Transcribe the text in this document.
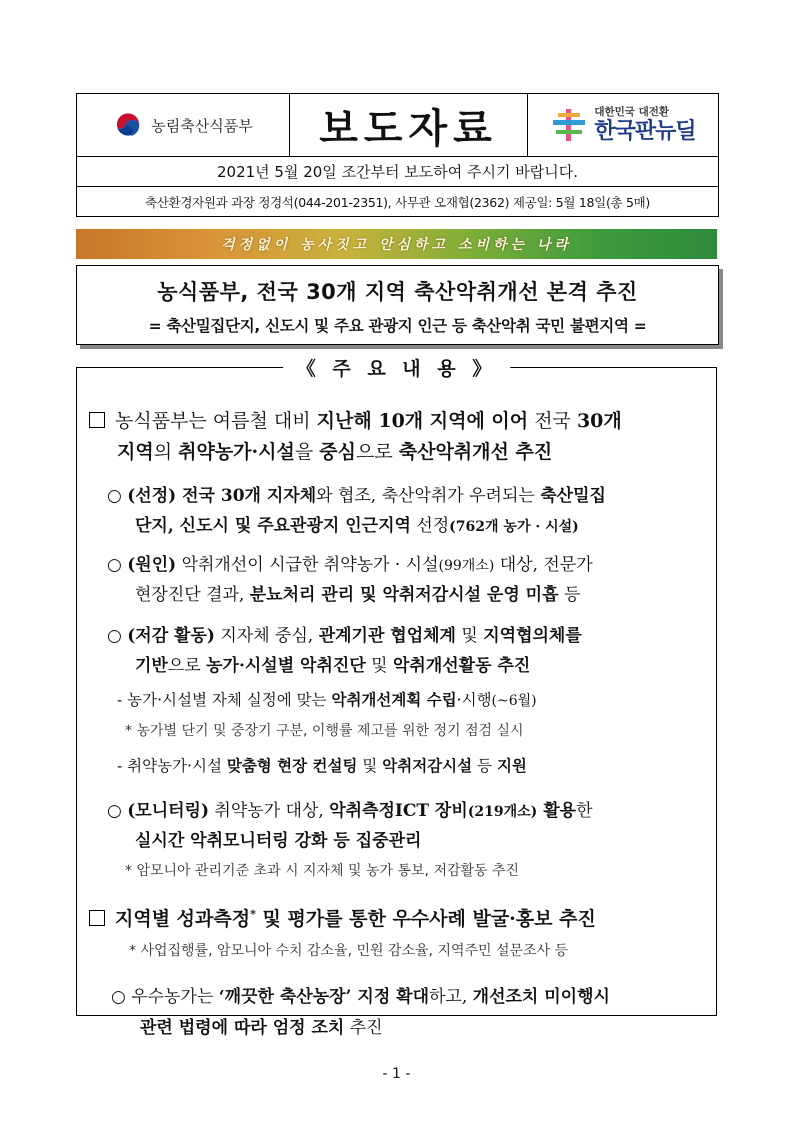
농림축산식품부	보도자료	대한민국 대전환
한국판뉴딜
2021년 5월 20일 조간부터 보도하여 주시기 바랍니다.
축산환경자원과 과장 정경석(044-201-2351), 사무관 오재협(2362) 제공일: 5월 18일(총 5매)
걱정없이 농사짓고 안심하고 소비하는 나라
농식품부, 전국 30개 지역 축산악취개선 본격 추진
= 축산밀집단지, 신도시 및 주요 관광지 인근 등 축산악취 국민 불편지역 =
《 주 요 내 용 》
농식품부는 여름철 대비 지난해 10개 지역에 이어 전국 30개
지역의 취약농가·시설을 중심으로 축산악취개선 추진
○ (선정) 전국 30개 지자체와 협조, 축산악취가 우려되는 축산밀집
단지, 신도시 및 주요관광지 인근지역 선정(762개 농가 · 시설)
○ (원인) 악취개선이 시급한 취약농가 · 시설(99개소) 대상, 전문가
현장진단 결과, 분뇨처리 관리 및 악취저감시설 운영 미흡 등
○ (저감 활동) 지자체 중심, 관계기관 협업체계 및 지역협의체를
기반으로 농가·시설별 악취진단 및 악취개선활동 추진
- 농가·시설별 자체 실정에 맞는 악취개선계획 수립·시행(~6월)
* 농가별 단기 및 중장기 구분, 이행률 제고를 위한 정기 점검 실시
- 취약농가·시설 맞춤형 현장 컨설팅 및 악취저감시설 등 지원
○ (모니터링) 취약농가 대상, 악취측정ICT 장비(219개소) 활용한
실시간 악취모니터링 강화 등 집중관리
* 암모니아 관리기준 초과 시 지자체 및 농가 통보, 저감활동 추진
지역별 성과측정* 및 평가를 통한 우수사례 발굴·홍보 추진
* 사업집행률, 암모니아 수치 감소율, 민원 감소율, 지역주민 설문조사 등
○ 우수농가는 ‘깨끗한 축산농장’ 지정 확대하고, 개선조치 미이행시
관련 법령에 따라 엄정 조치 추진
- 1 -
